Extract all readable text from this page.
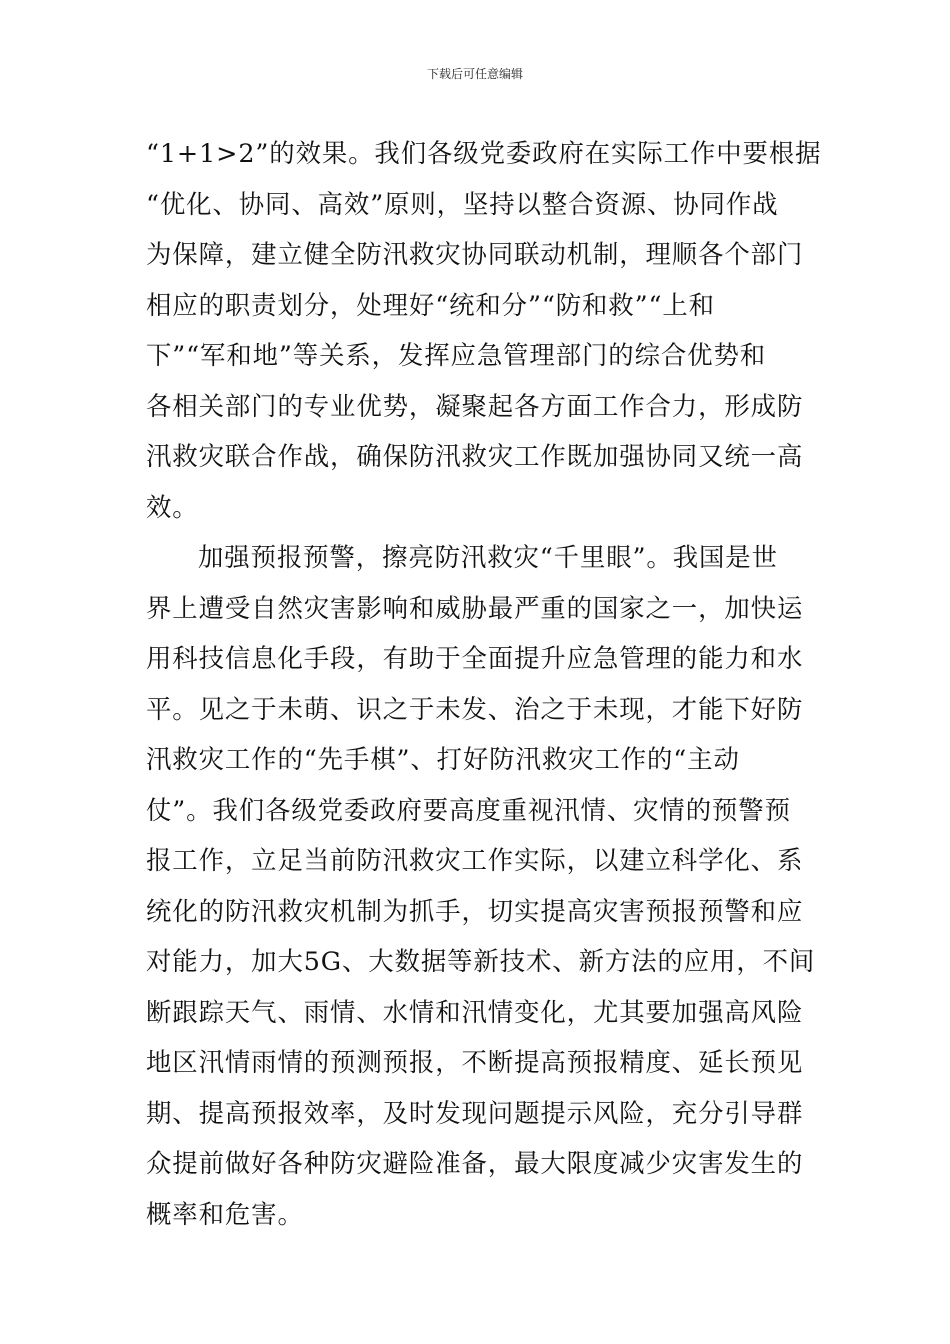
下载后可任意编辑
“1+1>2”的效果。我们各级党委政府在实际工作中要根据
“优化、协同、高效”原则，坚持以整合资源、协同作战
为保障，建立健全防汛救灾协同联动机制，理顺各个部门
相应的职责划分，处理好“统和分”“防和救”“上和
下”“军和地”等关系，发挥应急管理部门的综合优势和
各相关部门的专业优势，凝聚起各方面工作合力，形成防
汛救灾联合作战，确保防汛救灾工作既加强协同又统一高
效。
加强预报预警，擦亮防汛救灾“千里眼”。我国是世
界上遭受自然灾害影响和威胁最严重的国家之一，加快运
用科技信息化手段，有助于全面提升应急管理的能力和水
平。见之于未萌、识之于未发、治之于未现，才能下好防
汛救灾工作的“先手棋”、打好防汛救灾工作的“主动
仗”。我们各级党委政府要高度重视汛情、灾情的预警预
报工作，立足当前防汛救灾工作实际，以建立科学化、系
统化的防汛救灾机制为抓手，切实提高灾害预报预警和应
对能力，加大5G、大数据等新技术、新方法的应用，不间
断跟踪天气、雨情、水情和汛情变化，尤其要加强高风险
地区汛情雨情的预测预报，不断提高预报精度、延长预见
期、提高预报效率，及时发现问题提示风险，充分引导群
众提前做好各种防灾避险准备，最大限度减少灾害发生的
概率和危害。
